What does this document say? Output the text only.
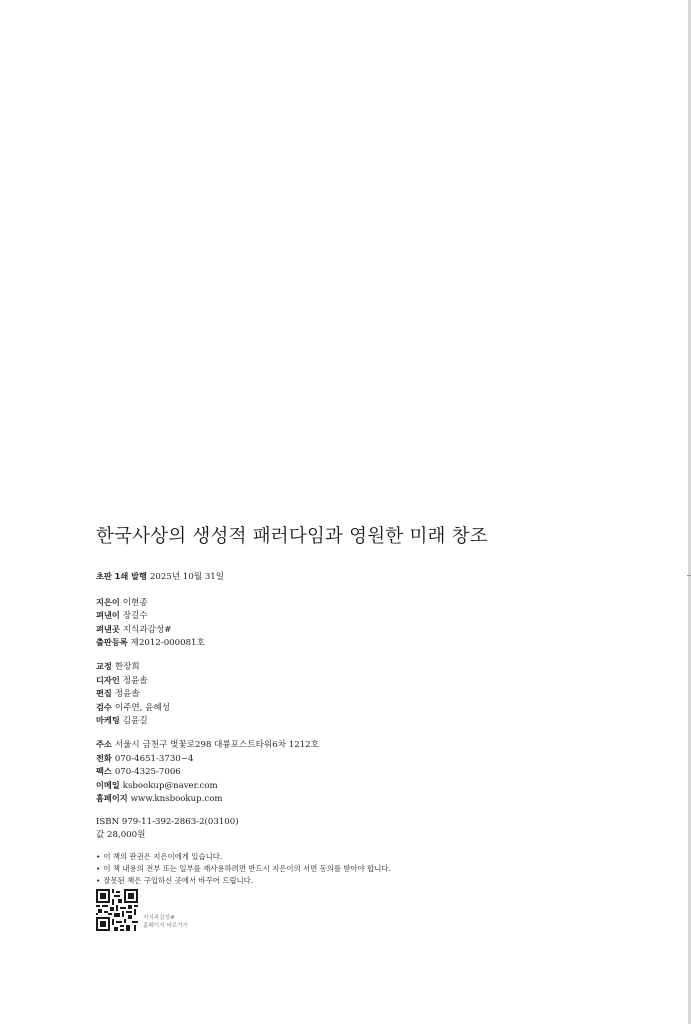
한국사상의 생성적 패러다임과 영원한 미래 창조
초판 1쇄 발행 2025년 10월 31일
지은이 이현종
펴낸이 장길수
펴낸곳 지식과감성#
출판등록 제2012-000081호
교정 한장희
디자인 정윤솔
편집 정윤솔
검수 이주연, 윤혜성
마케팅 김윤길
주소 서울시 금천구 벚꽃로298 대륭포스트타워6차 1212호
전화 070-4651-3730~4
팩스 070-4325-7006
이메일 ksbookup@naver.com
홈페이지 www.knsbookup.com
ISBN 979-11-392-2863-2(03100)
값 28,000원
• 이 책의 판권은 지은이에게 있습니다.
• 이 책 내용의 전부 또는 일부를 재사용하려면 반드시 지은이의 서면 동의를 받아야 합니다.
• 잘못된 책은 구입하신 곳에서 바꾸어 드립니다.
지식과감성#
홈페이지 바로가기
